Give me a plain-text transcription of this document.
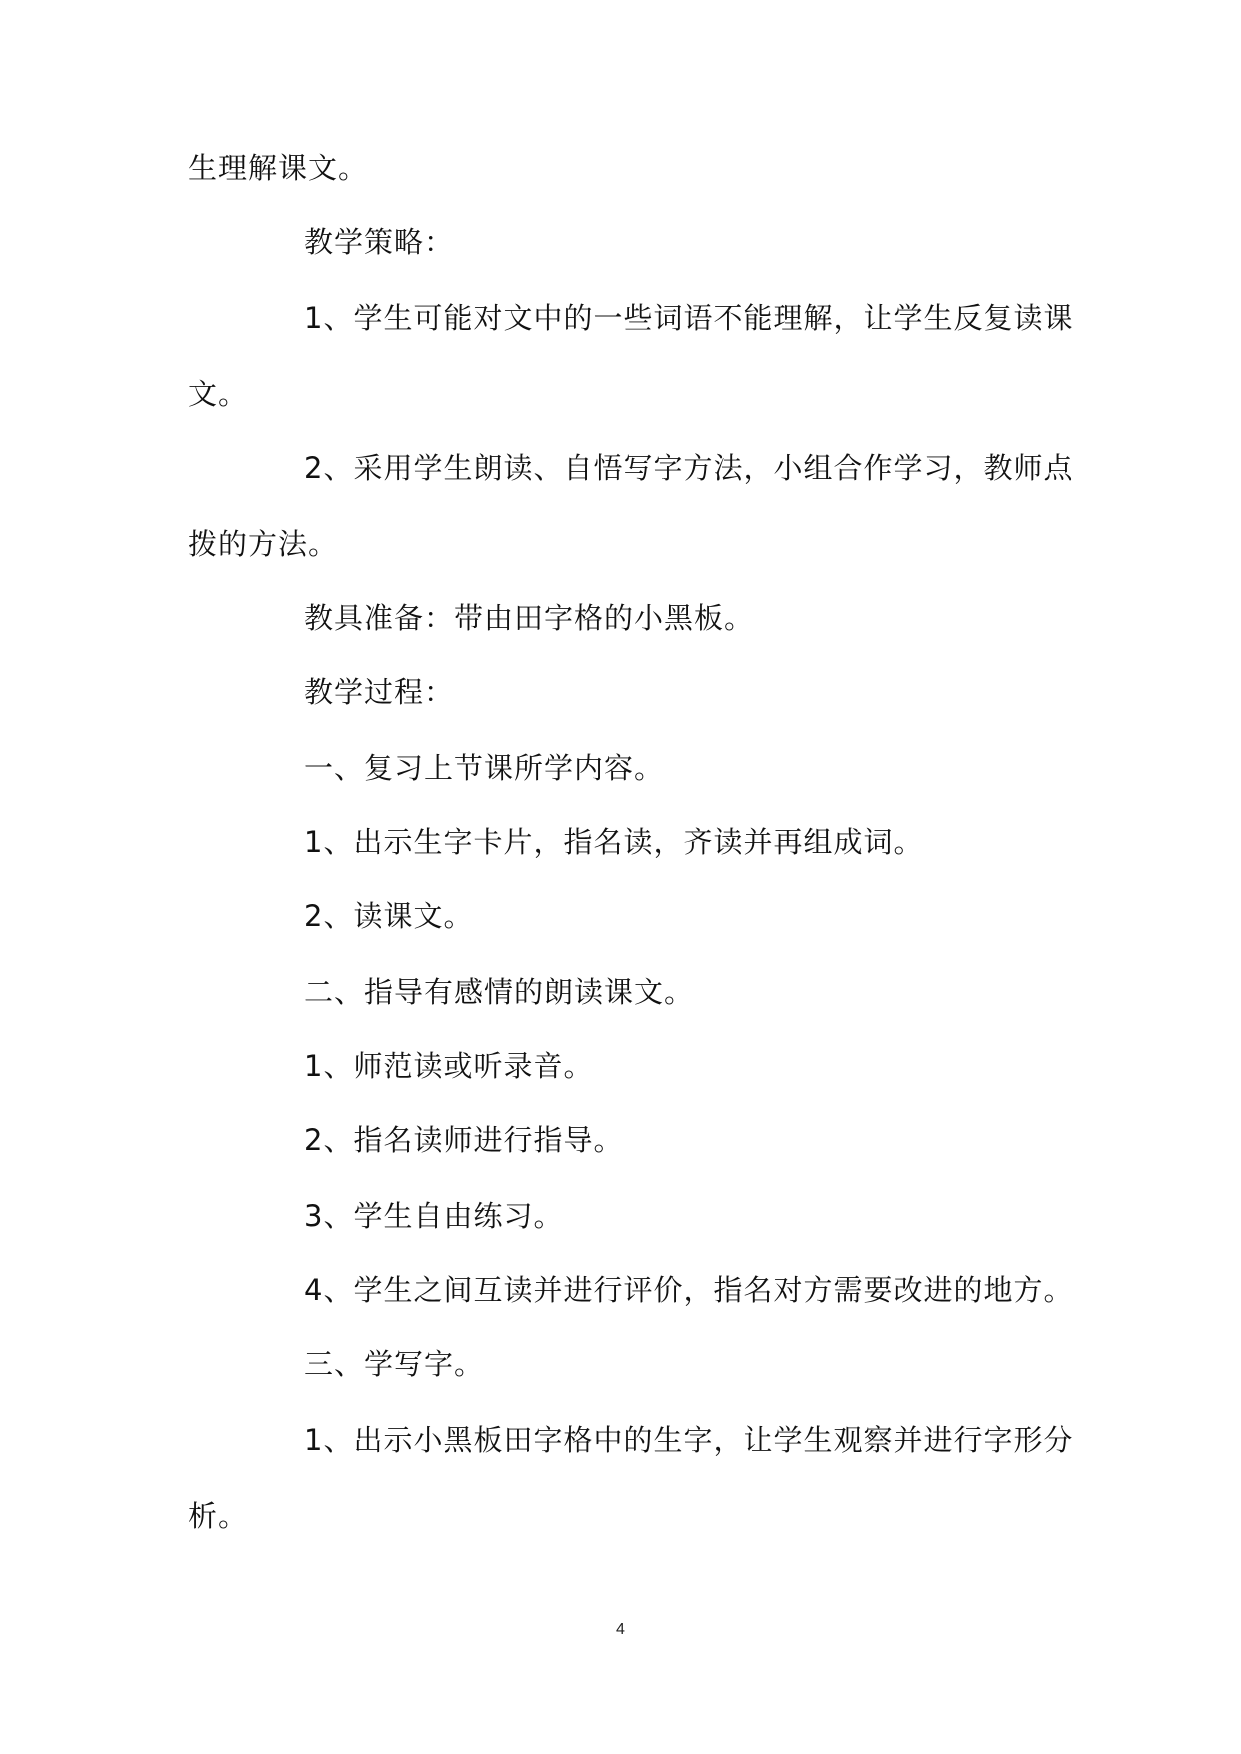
生理解课文。
教学策略：
1、学生可能对文中的一些词语不能理解，让学生反复读课
文。
2、采用学生朗读、自悟写字方法，小组合作学习，教师点
拨的方法。
教具准备：带由田字格的小黑板。
教学过程：
一、复习上节课所学内容。
1、出示生字卡片，指名读，齐读并再组成词。
2、读课文。
二、指导有感情的朗读课文。
1、师范读或听录音。
2、指名读师进行指导。
3、学生自由练习。
4、学生之间互读并进行评价，指名对方需要改进的地方。
三、学写字。
1、出示小黑板田字格中的生字，让学生观察并进行字形分
析。
4
